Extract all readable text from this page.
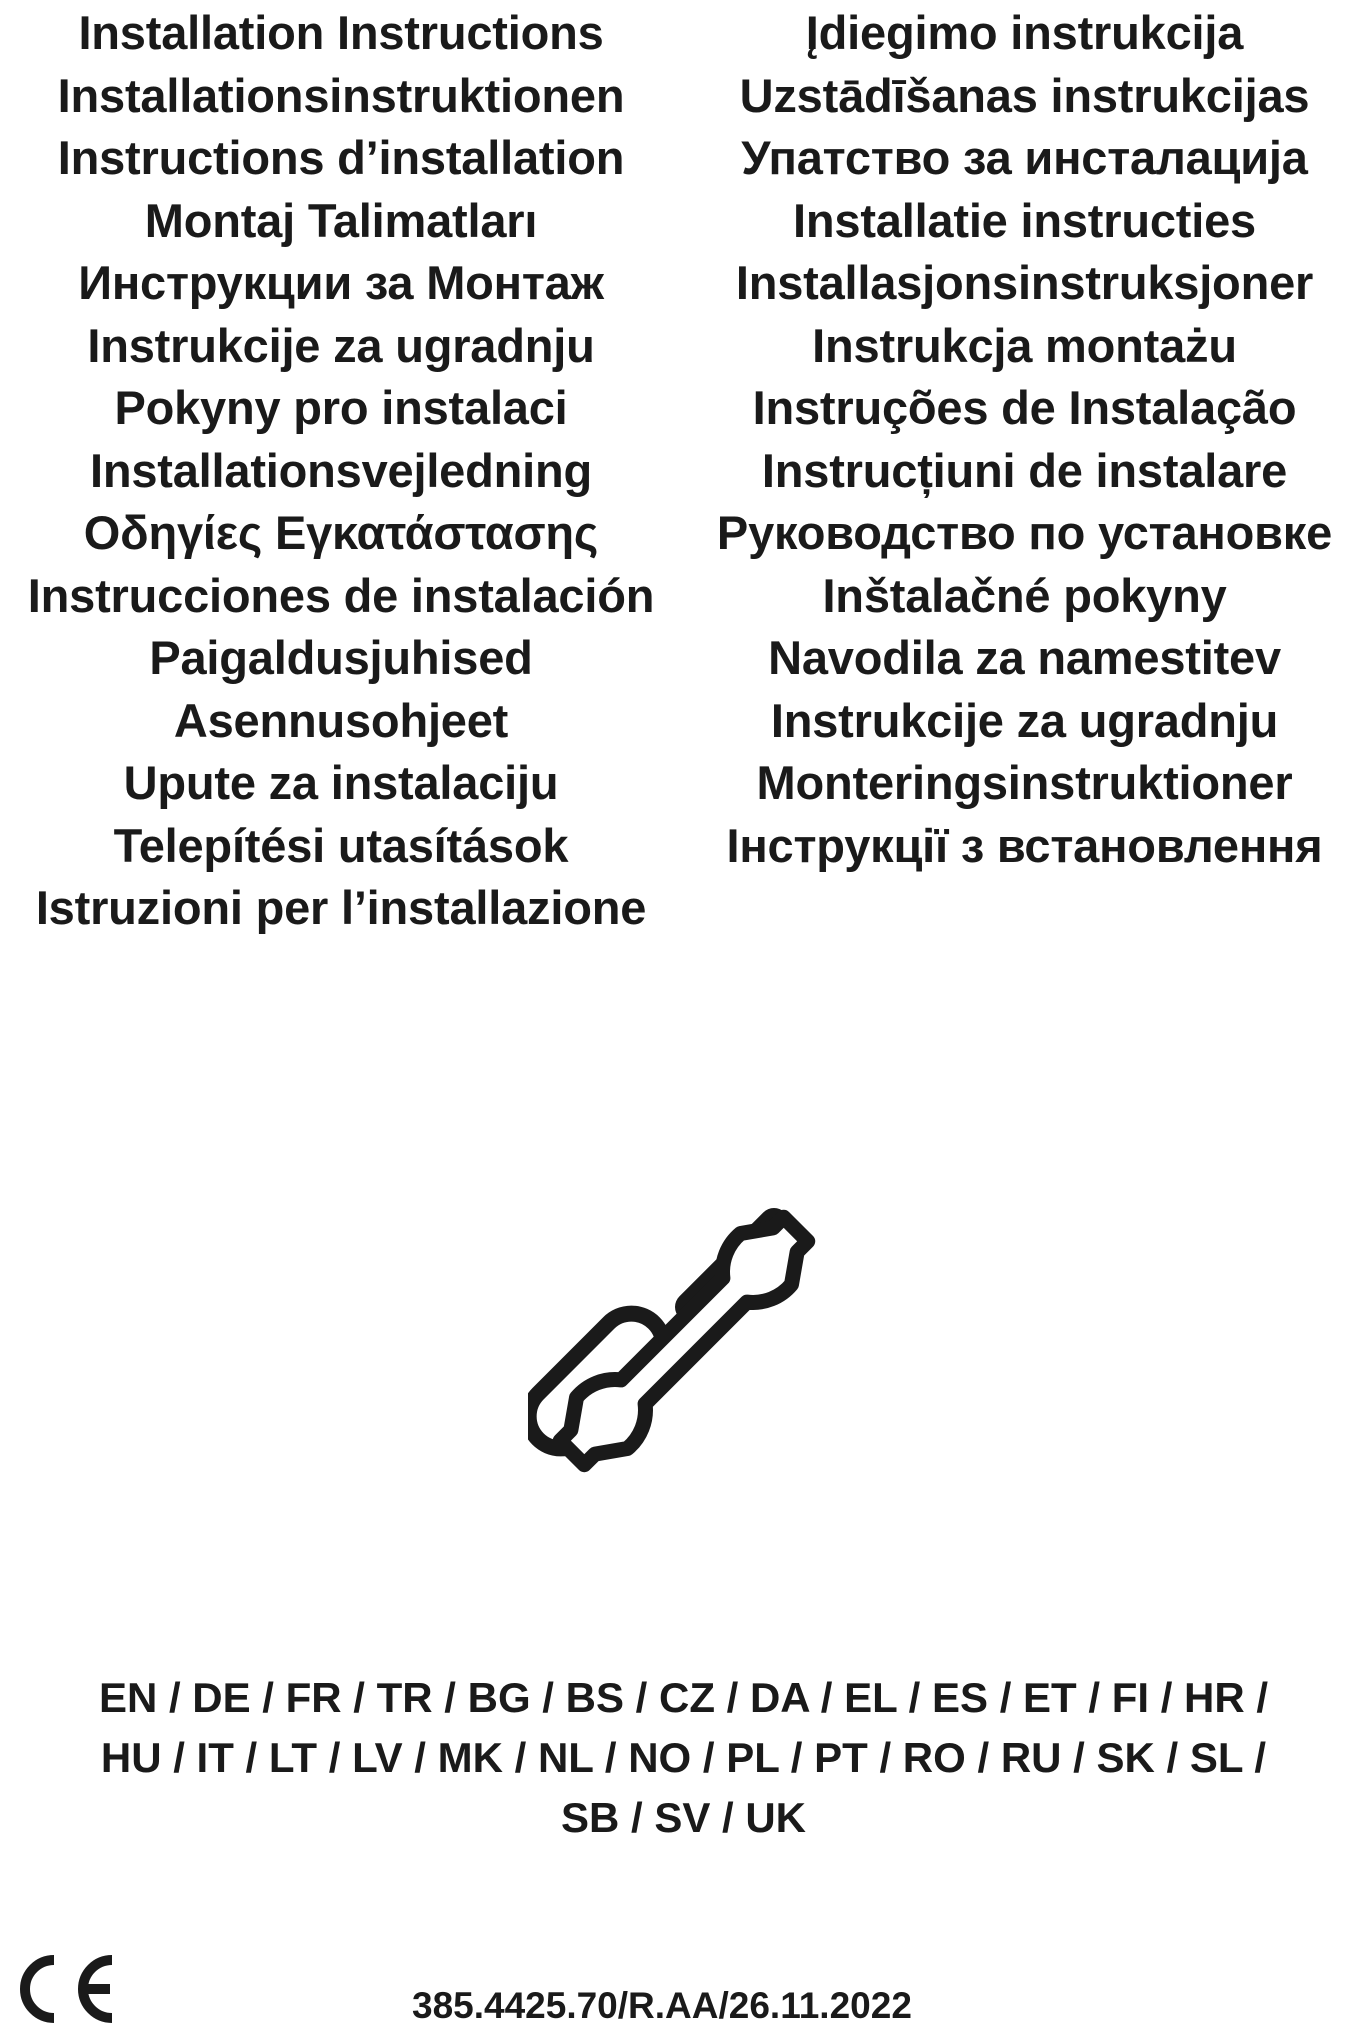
Installation Instructions
Installationsinstruktionen
Instructions d’installation
Montaj Talimatları
Инструкции за Монтаж
Instrukcije za ugradnju
Pokyny pro instalaci
Installationsvejledning
Οδηγίες Εγκατάστασης
Instrucciones de instalación
Paigaldusjuhised
Asennusohjeet
Upute za instalaciju
Telepítési utasítások
Istruzioni per l’installazione
Įdiegimo instrukcija
Uzstādīšanas instrukcijas
Упатство за инсталација
Installatie instructies
Installasjonsinstruksjoner
Instrukcja montażu
Instruções de Instalação
Instrucțiuni de instalare
Руководство по установке
Inštalačné pokyny
Navodila za namestitev
Instrukcije za ugradnju
Monteringsinstruktioner
Інструкції з встановлення
EN / DE / FR / TR / BG / BS / CZ / DA / EL / ES / ET / FI / HR /
HU / IT / LT / LV / MK / NL / NO / PL / PT / RO / RU / SK / SL /
SB / SV / UK
385.4425.70/R.AA/26.11.2022
